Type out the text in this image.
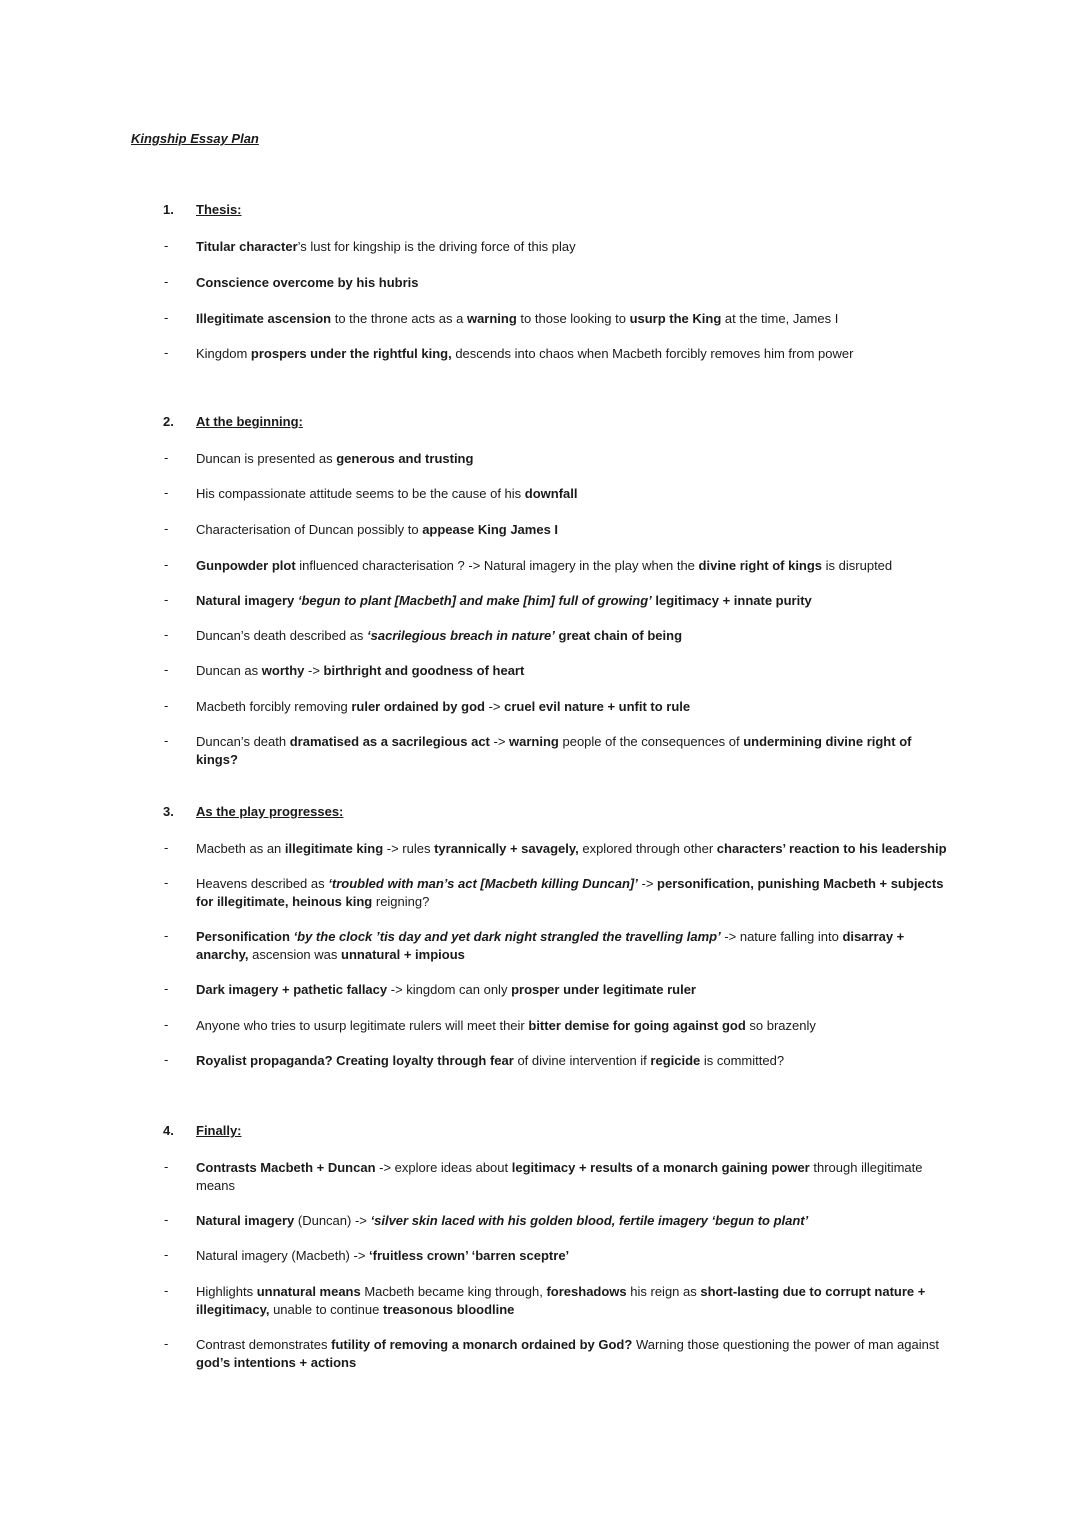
Kingship Essay Plan
1. Thesis:
- Titular character’s lust for kingship is the driving force of this play
- Conscience overcome by his hubris
- Illegitimate ascension to the throne acts as a warning to those looking to usurp the King at the time, James I
- Kingdom prospers under the rightful king, descends into chaos when Macbeth forcibly removes him from power
2. At the beginning:
- Duncan is presented as generous and trusting
- His compassionate attitude seems to be the cause of his downfall
- Characterisation of Duncan possibly to appease King James I
- Gunpowder plot influenced characterisation ? -> Natural imagery in the play when the divine right of kings is disrupted
- Natural imagery ‘begun to plant [Macbeth] and make [him] full of growing’ legitimacy + innate purity
- Duncan’s death described as ‘sacrilegious breach in nature’ great chain of being
- Duncan as worthy -> birthright and goodness of heart
- Macbeth forcibly removing ruler ordained by god -> cruel evil nature + unfit to rule
- Duncan’s death dramatised as a sacrilegious act -> warning people of the consequences of undermining divine right of kings?
3. As the play progresses:
- Macbeth as an illegitimate king -> rules tyrannically + savagely, explored through other characters’ reaction to his leadership
- Heavens described as ‘troubled with man’s act [Macbeth killing Duncan]’ -> personification, punishing Macbeth + subjects for illegitimate, heinous king reigning?
- Personification ‘by the clock ’tis day and yet dark night strangled the travelling lamp’ -> nature falling into disarray + anarchy, ascension was unnatural + impious
- Dark imagery + pathetic fallacy -> kingdom can only prosper under legitimate ruler
- Anyone who tries to usurp legitimate rulers will meet their bitter demise for going against god so brazenly
- Royalist propaganda? Creating loyalty through fear of divine intervention if regicide is committed?
4. Finally:
- Contrasts Macbeth + Duncan -> explore ideas about legitimacy + results of a monarch gaining power through illegitimate means
- Natural imagery (Duncan) -> ‘silver skin laced with his golden blood, fertile imagery ‘begun to plant’
- Natural imagery (Macbeth) -> ‘fruitless crown’ ‘barren sceptre’
- Highlights unnatural means Macbeth became king through, foreshadows his reign as short-lasting due to corrupt nature + illegitimacy, unable to continue treasonous bloodline
- Contrast demonstrates futility of removing a monarch ordained by God? Warning those questioning the power of man against god’s intentions + actions
